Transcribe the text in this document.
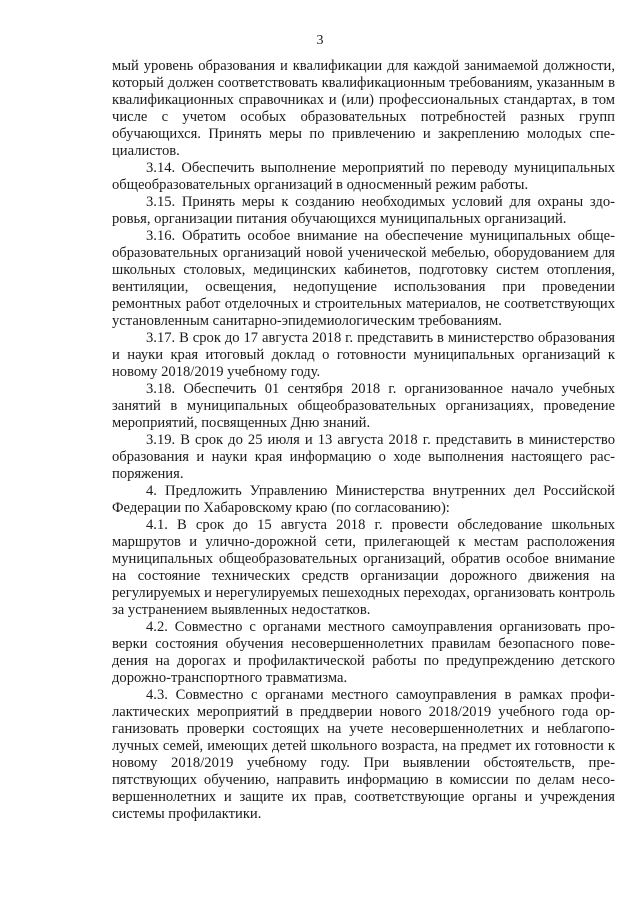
3

мый уровень образования и квалификации для каждой занимаемой должности, который должен соответствовать квалификационным требованиям, указанным в квалификационных справочниках и (или) профессиональных стандартах, в том числе с учетом особых образовательных потребностей разных групп обучающихся. Принять меры по привлечению и закреплению молодых специалистов.

3.14. Обеспечить выполнение мероприятий по переводу муниципальных общеобразовательных организаций в односменный режим работы.

3.15. Принять меры к созданию необходимых условий для охраны здоровья, организации питания обучающихся муниципальных организаций.

3.16. Обратить особое внимание на обеспечение муниципальных общеобразовательных организаций новой ученической мебелью, оборудованием для школьных столовых, медицинских кабинетов, подготовку систем отопления, вентиляции, освещения, недопущение использования при проведении ремонтных работ отделочных и строительных материалов, не соответствующих установленным санитарно-эпидемиологическим требованиям.

3.17. В срок до 17 августа 2018 г. представить в министерство образования и науки края итоговый доклад о готовности муниципальных организаций к новому 2018/2019 учебному году.

3.18. Обеспечить 01 сентября 2018 г. организованное начало учебных занятий в муниципальных общеобразовательных организациях, проведение мероприятий, посвященных Дню знаний.

3.19. В срок до 25 июля и 13 августа 2018 г. представить в министерство образования и науки края информацию о ходе выполнения настоящего распоряжения.

4. Предложить Управлению Министерства внутренних дел Российской Федерации по Хабаровскому краю (по согласованию):

4.1. В срок до 15 августа 2018 г. провести обследование школьных маршрутов и улично-дорожной сети, прилегающей к местам расположения муниципальных общеобразовательных организаций, обратив особое внимание на состояние технических средств организации дорожного движения на регулируемых и нерегулируемых пешеходных переходах, организовать контроль за устранением выявленных недостатков.

4.2. Совместно с органами местного самоуправления организовать проверки состояния обучения несовершеннолетних правилам безопасного поведения на дорогах и профилактической работы по предупреждению детского дорожно-транспортного травматизма.

4.3. Совместно с органами местного самоуправления в рамках профилактических мероприятий в преддверии нового 2018/2019 учебного года организовать проверки состоящих на учете несовершеннолетних и неблагополучных семей, имеющих детей школьного возраста, на предмет их готовности к новому 2018/2019 учебному году. При выявлении обстоятельств, препятствующих обучению, направить информацию в комиссии по делам несовершеннолетних и защите их прав, соответствующие органы и учреждения системы профилактики.
